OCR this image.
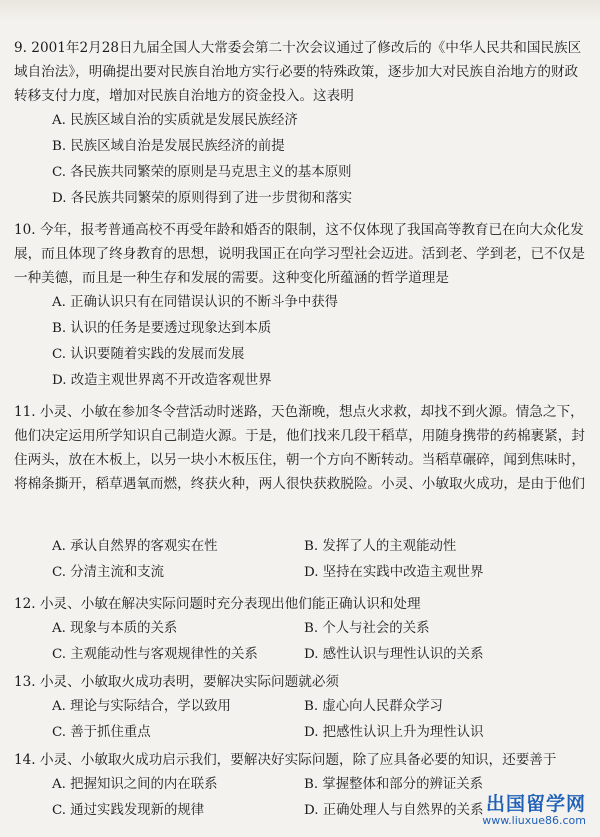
9. 2001年2月28日九届全国人大常委会第二十次会议通过了修改后的《中华人民共和国民族区域自治法》，明确提出要对民族自治地方实行必要的特殊政策，逐步加大对民族自治地方的财政转移支付力度，增加对民族自治地方的资金投入。这表明

A. 民族区域自治的实质就是发展民族经济
B. 民族区域自治是发展民族经济的前提
C. 各民族共同繁荣的原则是马克思主义的基本原则
D. 各民族共同繁荣的原则得到了进一步贯彻和落实

10. 今年，报考普通高校不再受年龄和婚否的限制，这不仅体现了我国高等教育已在向大众化发展，而且体现了终身教育的思想，说明我国正在向学习型社会迈进。活到老、学到老，已不仅是一种美德，而且是一种生存和发展的需要。这种变化所蕴涵的哲学道理是

A. 正确认识只有在同错误认识的不断斗争中获得
B. 认识的任务是要透过现象达到本质
C. 认识要随着实践的发展而发展
D. 改造主观世界离不开改造客观世界

11. 小灵、小敏在参加冬令营活动时迷路，天色渐晚，想点火求救，却找不到火源。情急之下，他们决定运用所学知识自己制造火源。于是，他们找来几段干稻草，用随身携带的药棉裹紧，封住两头，放在木板上，以另一块小木板压住，朝一个方向不断转动。当稻草碾碎，闻到焦味时，将棉条撕开，稻草遇氧而燃，终获火种，两人很快获救脱险。小灵、小敏取火成功，是由于他们

A. 承认自然界的客观实在性	B. 发挥了人的主观能动性
C. 分清主流和支流	D. 坚持在实践中改造主观世界

12. 小灵、小敏在解决实际问题时充分表现出他们能正确认识和处理

A. 现象与本质的关系	B. 个人与社会的关系
C. 主观能动性与客观规律性的关系	D. 感性认识与理性认识的关系

13. 小灵、小敏取火成功表明，要解决实际问题就必须

A. 理论与实际结合，学以致用	B. 虚心向人民群众学习
C. 善于抓住重点	D. 把感性认识上升为理性认识

14. 小灵、小敏取火成功启示我们，要解决好实际问题，除了应具备必要的知识，还要善于

A. 把握知识之间的内在联系	B. 掌握整体和部分的辨证关系
C. 通过实践发现新的规律	D. 正确处理人与自然界的关系 出国留学网
www.liuxue86.com
